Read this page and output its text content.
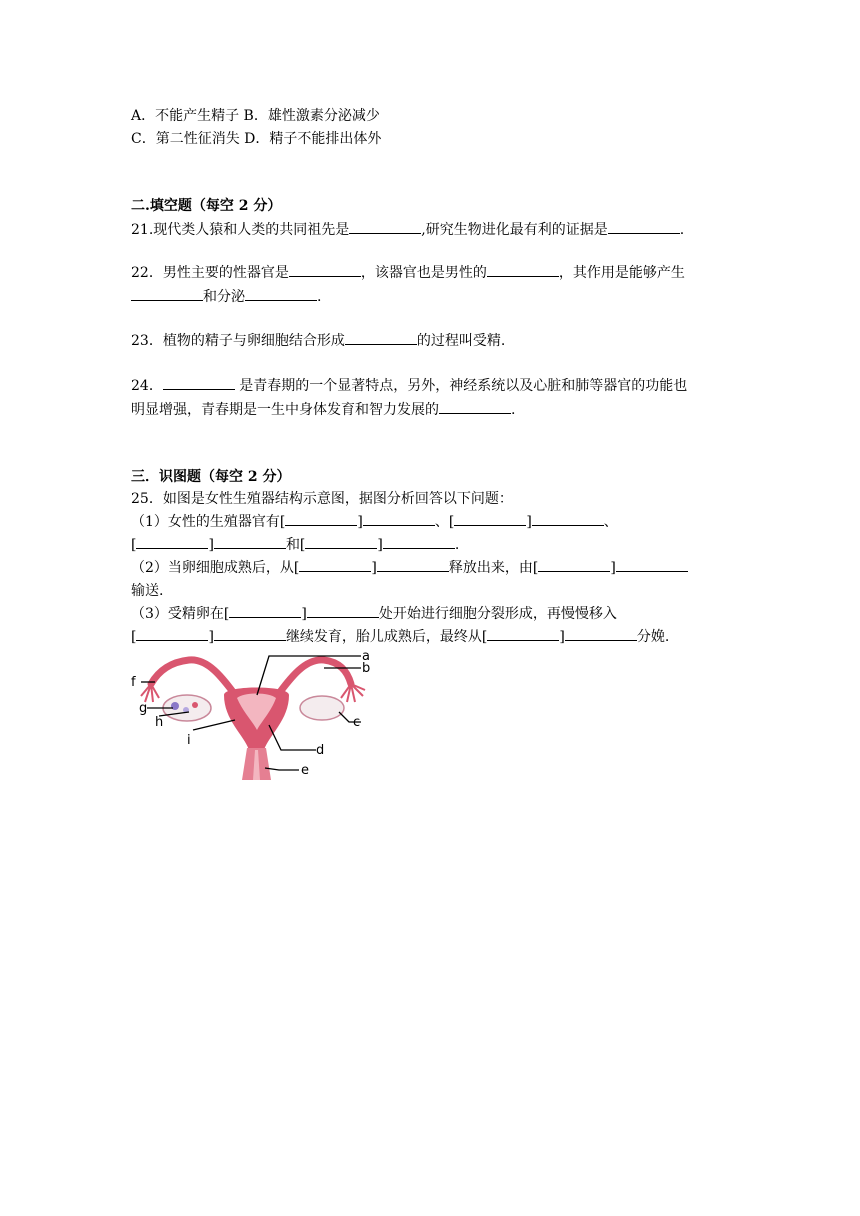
A．不能产生精子 B．雄性激素分泌减少
C．第二性征消失 D．精子不能排出体外
二.填空题（每空 2 分）
21.现代类人猿和人类的共同祖先是	,研究生物进化最有利的证据是	.
22．男性主要的性器官是	，该器官也是男性的	，其作用是能够产生
和分泌	.
23．植物的精子与卵细胞结合形成	的过程叫受精.
24．	是青春期的一个显著特点，另外，神经系统以及心脏和肺等器官的功能也
明显增强，青春期是一生中身体发育和智力发展的	.
三．识图题（每空 2 分）
25．如图是女性生殖器结构示意图，据图分析回答以下问题：
（1）女性的生殖器官有[	]	、[	]	、
[	]	和[	]	.
（2）当卵细胞成熟后，从[	]	释放出来，由[	]
输送.
（3）受精卵在[	]	处开始进行细胞分裂形成，再慢慢移入
[	]	继续发育，胎儿成熟后，最终从[	]	分娩.
a
b
c
d
e
f
g
h
i
